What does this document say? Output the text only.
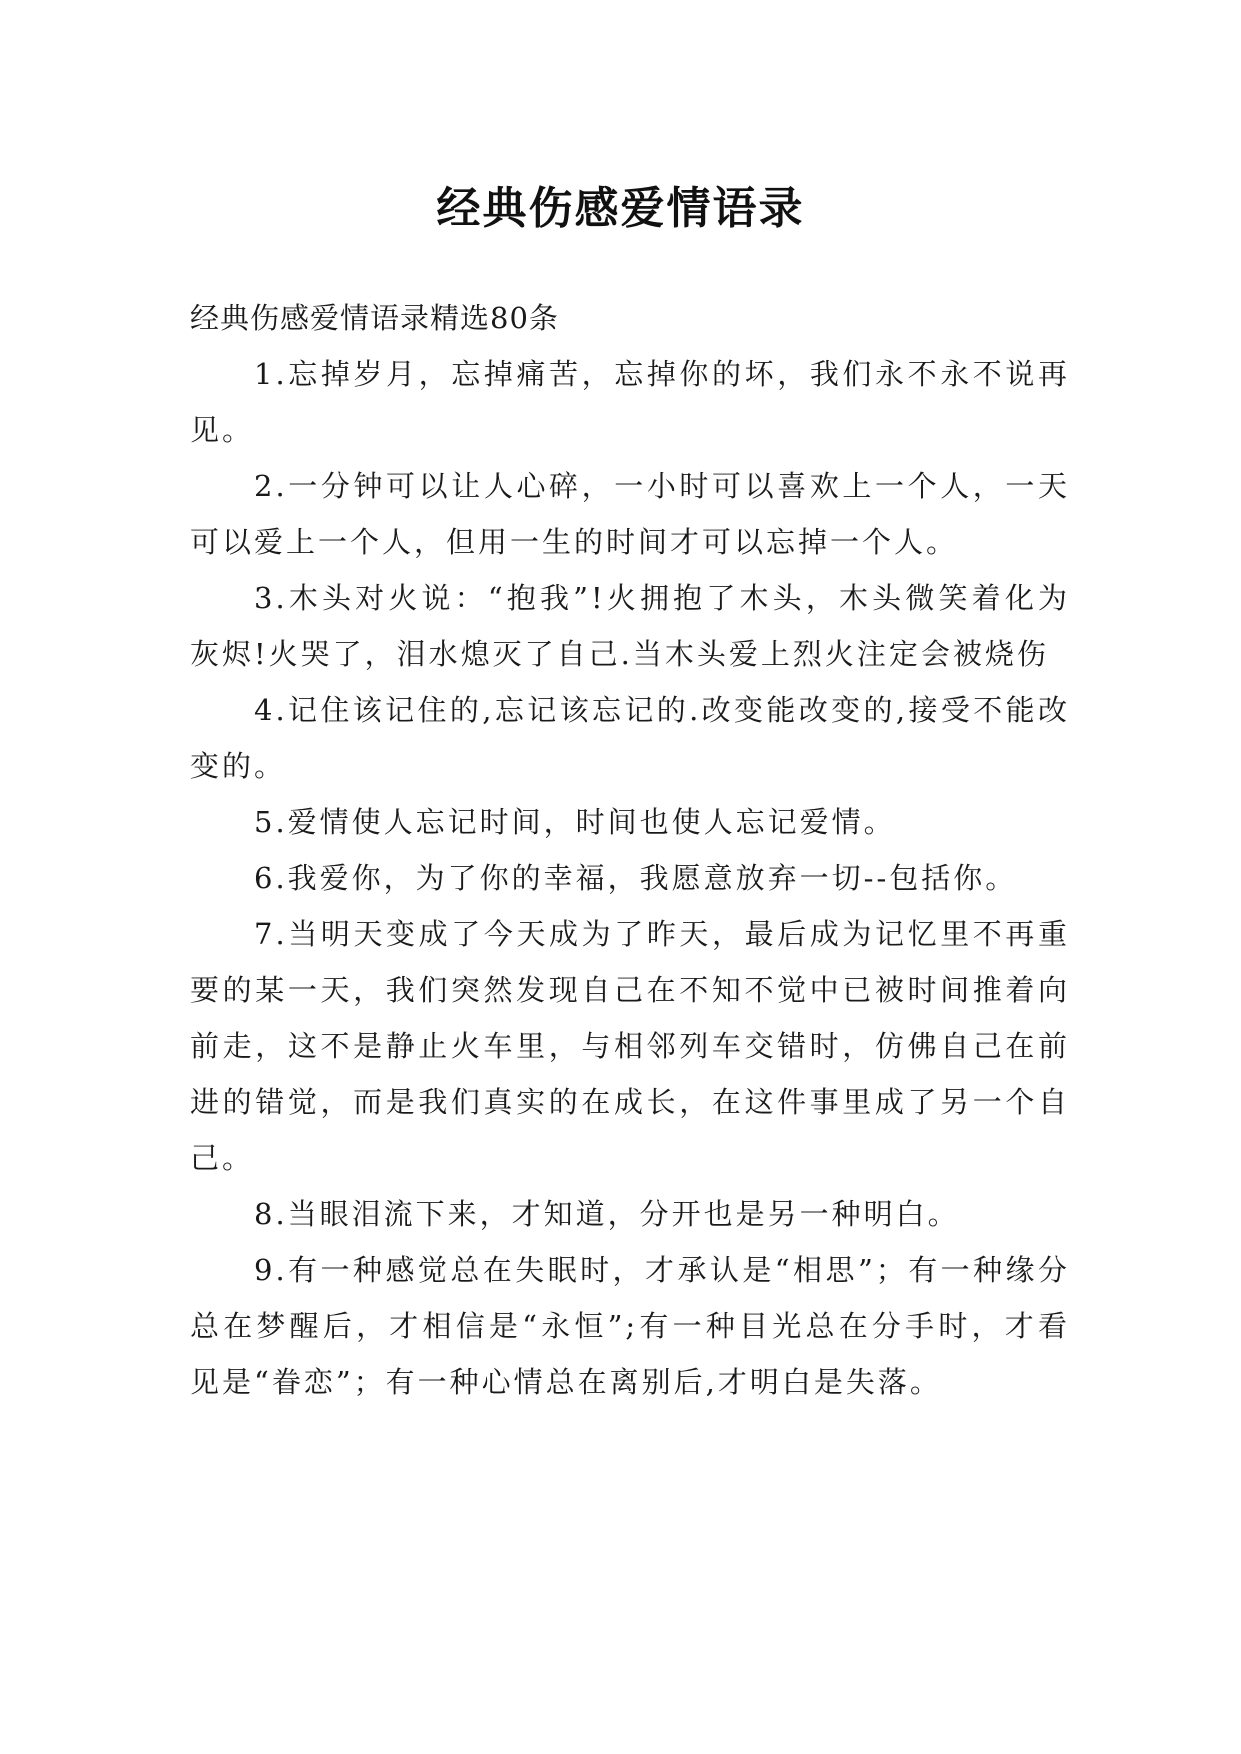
经典伤感爱情语录

经典伤感爱情语录精选80条

1.忘掉岁月，忘掉痛苦，忘掉你的坏，我们永不永不说再见。

2.一分钟可以让人心碎，一小时可以喜欢上一个人，一天可以爱上一个人，但用一生的时间才可以忘掉一个人。

3.木头对火说：“抱我”!火拥抱了木头，木头微笑着化为灰烬!火哭了，泪水熄灭了自己.当木头爱上烈火注定会被烧伤

4.记住该记住的,忘记该忘记的.改变能改变的,接受不能改变的。

5.爱情使人忘记时间，时间也使人忘记爱情。

6.我爱你，为了你的幸福，我愿意放弃一切--包括你。

7.当明天变成了今天成为了昨天，最后成为记忆里不再重要的某一天，我们突然发现自己在不知不觉中已被时间推着向前走，这不是静止火车里，与相邻列车交错时，仿佛自己在前进的错觉，而是我们真实的在成长，在这件事里成了另一个自己。

8.当眼泪流下来，才知道，分开也是另一种明白。

9.有一种感觉总在失眠时，才承认是“相思”；有一种缘分总在梦醒后，才相信是“永恒”;有一种目光总在分手时，才看见是“眷恋”；有一种心情总在离别后,才明白是失落。
